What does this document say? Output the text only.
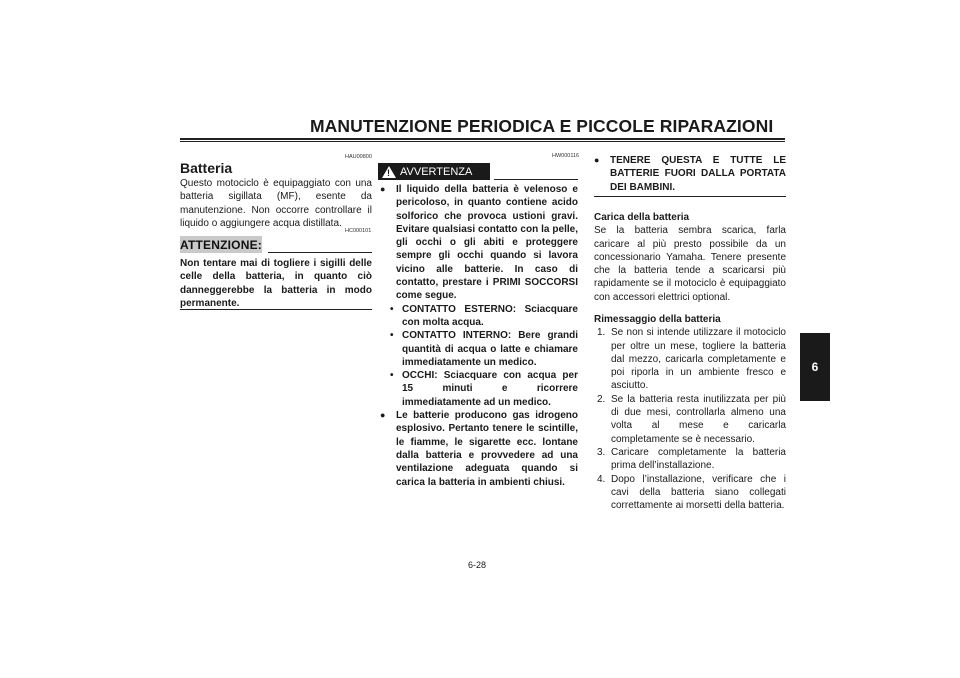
MANUTENZIONE PERIODICA E PICCOLE RIPARAZIONI
6
HAU00800
Batteria

Questo motociclo è equipaggiato con una batteria sigillata (MF), esente da manutenzione. Non occorre controllare il liquido o aggiungere acqua distillata.

HC000101
ATTENZIONE:

Non tentare mai di togliere i sigilli delle celle della batteria, in quanto ciò danneggerebbe la batteria in modo permanente.

HW000116
!
AVVERTENZA

● Il liquido della batteria è velenoso e pericoloso, in quanto contiene acido solforico che provoca ustioni gravi. Evitare qualsiasi contatto con la pelle, gli occhi o gli abiti e proteggere sempre gli occhi quando si lavora vicino alle batterie. In caso di contatto, prestare i PRIMI SOCCORSI come segue.

• CONTATTO ESTERNO: Sciacquare con molta acqua.

• CONTATTO INTERNO: Bere grandi quantità di acqua o latte e chiamare immediatamente un medico.

• OCCHI: Sciacquare con acqua per 15 minuti e ricorrere immediatamente ad un medico.

● Le batterie producono gas idrogeno esplosivo. Pertanto tenere le scintille, le fiamme, le sigarette ecc. lontane dalla batteria e provvedere ad una ventilazione adeguata quando si carica la batteria in ambienti chiusi.

● TENERE QUESTA E TUTTE LE BATTERIE FUORI DALLA PORTATA DEI BAMBINI.

Carica della batteria

Se la batteria sembra scarica, farla caricare al più presto possibile da un concessionario Yamaha. Tenere presente che la batteria tende a scaricarsi più rapidamente se il motociclo è equipaggiato con accessori elettrici optional.

Rimessaggio della batteria

1. Se non si intende utilizzare il motociclo per oltre un mese, togliere la batteria dal mezzo, caricarla completamente e poi riporla in un ambiente fresco e asciutto.

2. Se la batteria resta inutilizzata per più di due mesi, controllarla almeno una volta al mese e caricarla completamente se è necessario.

3. Caricare completamente la batteria prima dell’installazione.

4. Dopo l’installazione, verificare che i cavi della batteria siano collegati correttamente ai morsetti della batteria.

6-28
